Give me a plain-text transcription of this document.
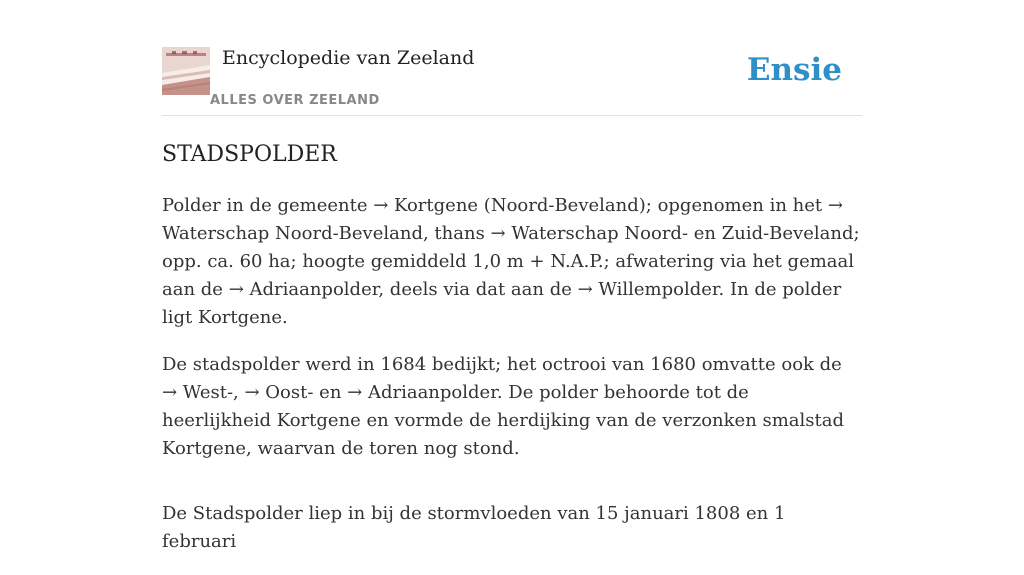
Encyclopedie van Zeeland
ALLES OVER ZEELAND
Ensie
STADSPOLDER

Polder in de gemeente → Kortgene (Noord-Beveland); opgenomen in het → Waterschap Noord-Beveland, thans → Waterschap Noord- en Zuid-Beveland; opp. ca. 60 ha; hoogte gemiddeld 1,0 m + N.A.P.; afwatering via het gemaal aan de → Adriaanpolder, deels via dat aan de → Willempolder. In de polder ligt Kortgene.

De stadspolder werd in 1684 bedijkt; het octrooi van 1680 omvatte ook de → West-, → Oost- en → Adriaanpolder. De polder behoorde tot de heerlijkheid Kortgene en vormde de herdijking van de verzonken smalstad Kortgene, waarvan de toren nog stond.

De Stadspolder liep in bij de stormvloeden van 15 januari 1808 en 1 februari
